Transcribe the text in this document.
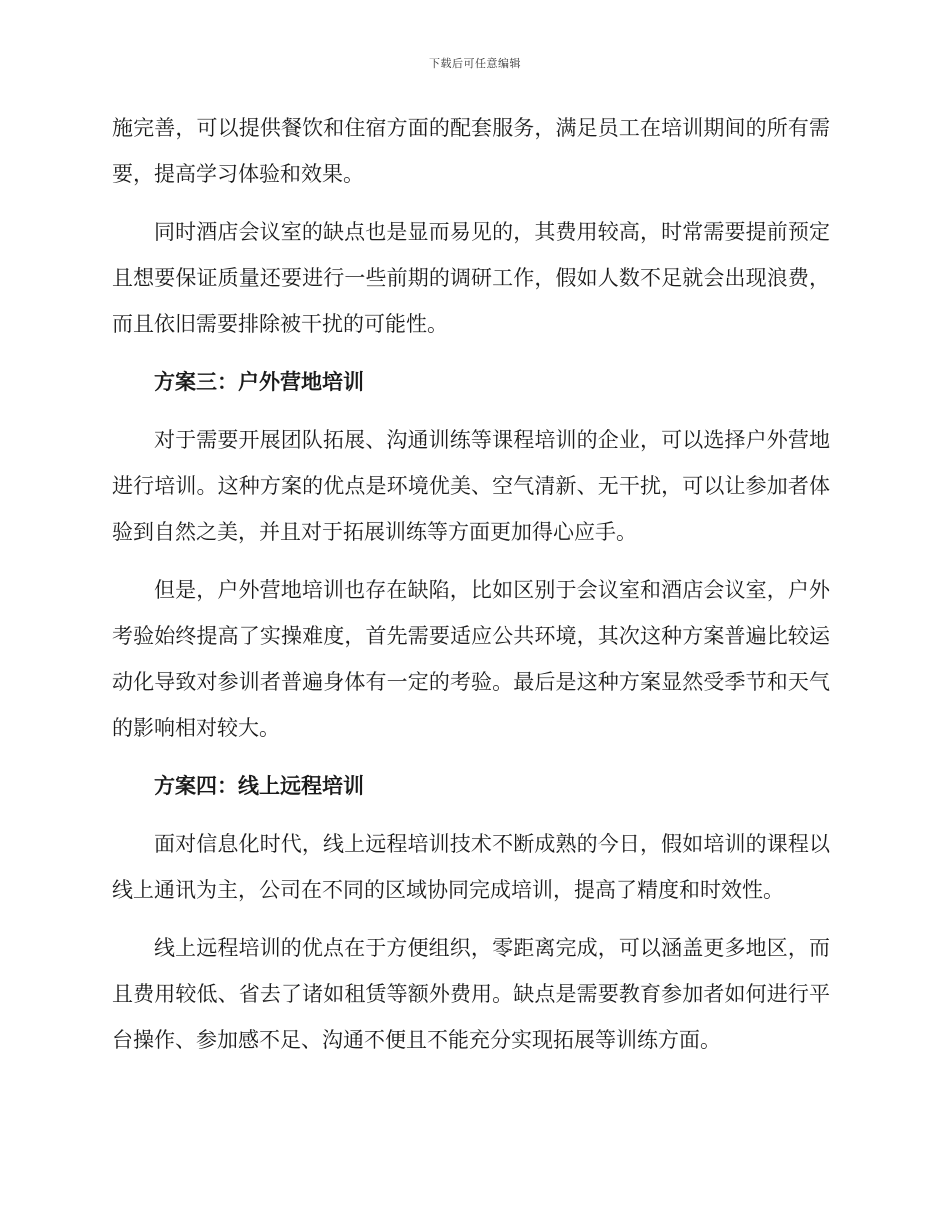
下载后可任意编辑

施完善，可以提供餐饮和住宿方面的配套服务，满足员工在培训期间的所有需要，提高学习体验和效果。

同时酒店会议室的缺点也是显而易见的，其费用较高，时常需要提前预定且想要保证质量还要进行一些前期的调研工作，假如人数不足就会出现浪费，而且依旧需要排除被干扰的可能性。

方案三：户外营地培训

对于需要开展团队拓展、沟通训练等课程培训的企业，可以选择户外营地进行培训。这种方案的优点是环境优美、空气清新、无干扰，可以让参加者体验到自然之美，并且对于拓展训练等方面更加得心应手。

但是，户外营地培训也存在缺陷，比如区别于会议室和酒店会议室，户外考验始终提高了实操难度，首先需要适应公共环境，其次这种方案普遍比较运动化导致对参训者普遍身体有一定的考验。最后是这种方案显然受季节和天气的影响相对较大。

方案四：线上远程培训

面对信息化时代，线上远程培训技术不断成熟的今日，假如培训的课程以线上通讯为主，公司在不同的区域协同完成培训，提高了精度和时效性。

线上远程培训的优点在于方便组织，零距离完成，可以涵盖更多地区，而且费用较低、省去了诸如租赁等额外费用。缺点是需要教育参加者如何进行平台操作、参加感不足、沟通不便且不能充分实现拓展等训练方面。
